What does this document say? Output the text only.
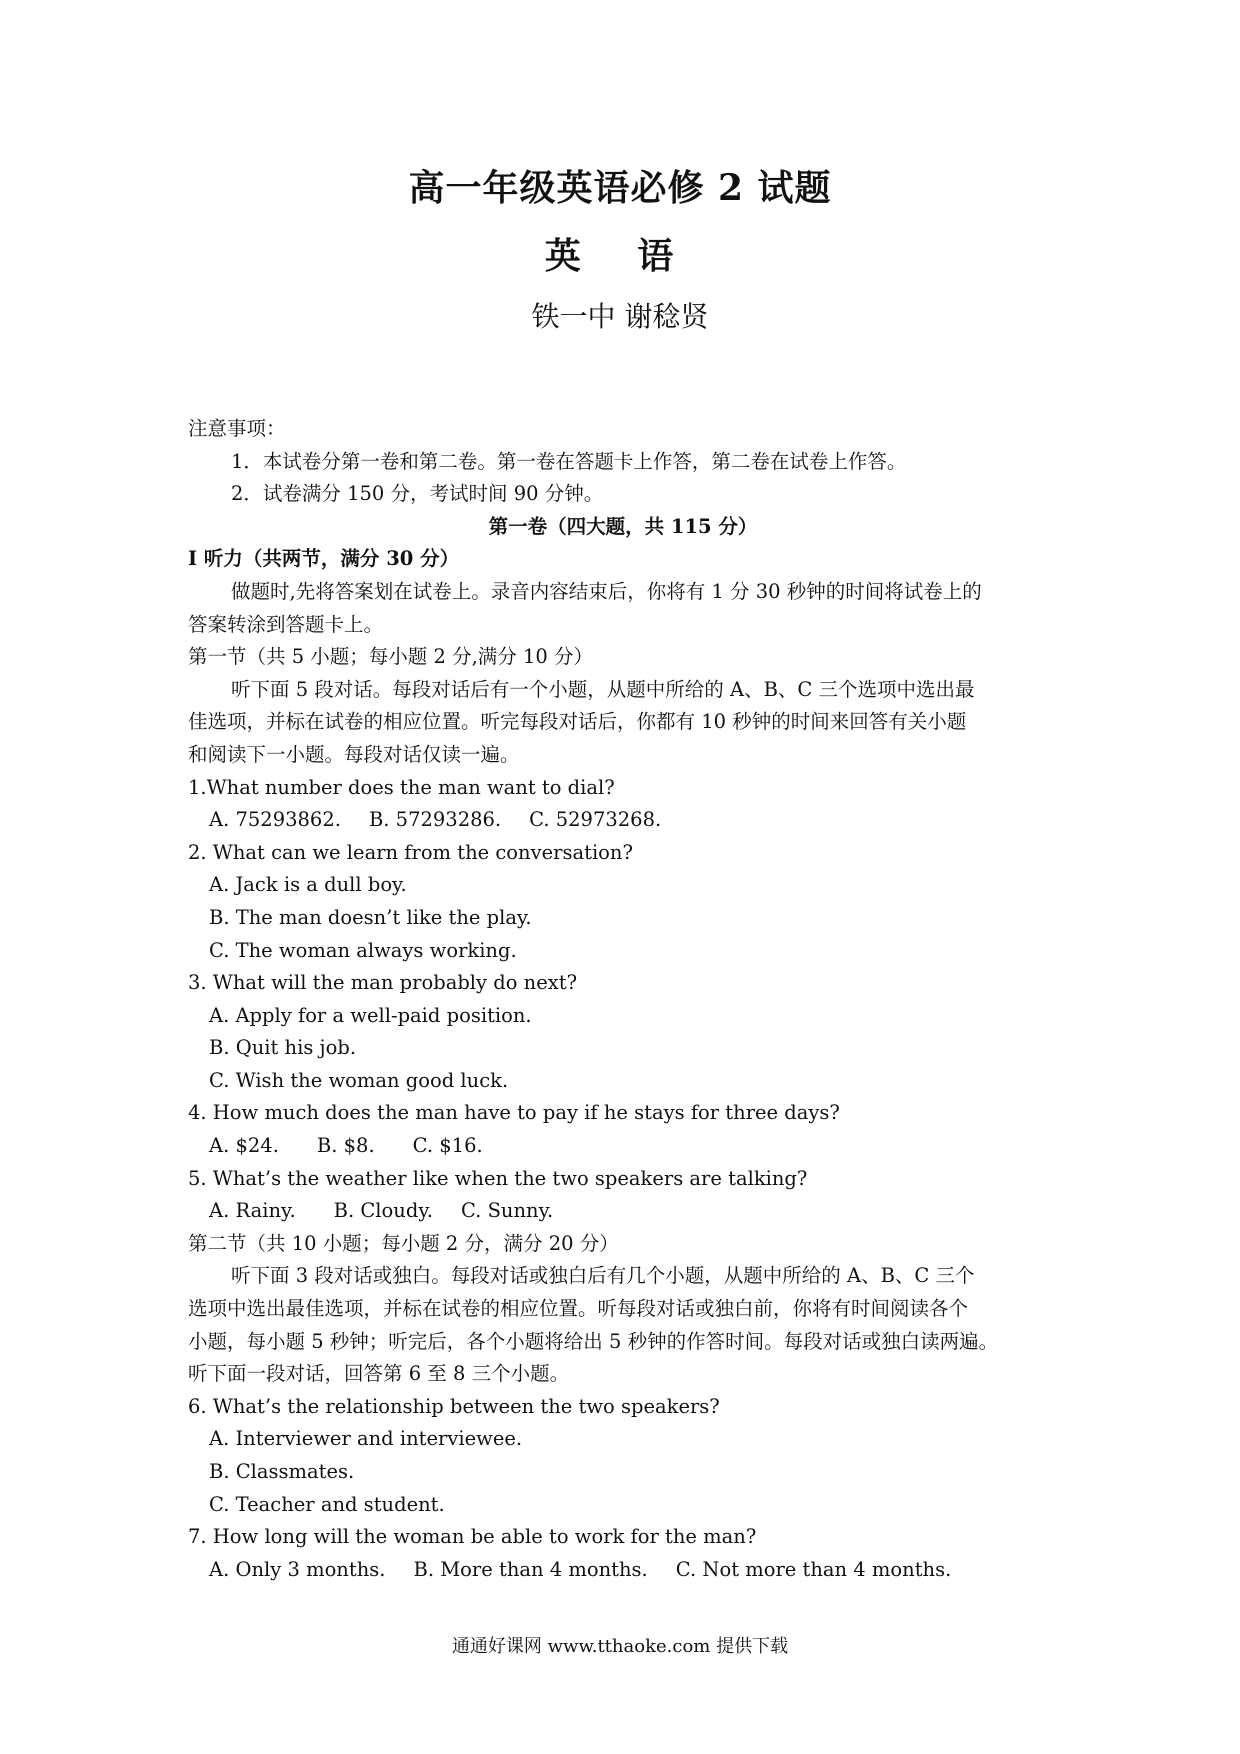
高一年级英语必修 2 试题
英 语
铁一中 谢稔贤
注意事项：
1．本试卷分第一卷和第二卷。第一卷在答题卡上作答，第二卷在试卷上作答。
2．试卷满分 150 分，考试时间 90 分钟。
第一卷（四大题，共 115 分）
I 听力（共两节，满分 30 分）
做题时,先将答案划在试卷上。录音内容结束后，你将有 1 分 30 秒钟的时间将试卷上的
答案转涂到答题卡上。
第一节（共 5 小题；每小题 2 分,满分 10 分）
听下面 5 段对话。每段对话后有一个小题，从题中所给的 A、B、C 三个选项中选出最
佳选项，并标在试卷的相应位置。听完每段对话后，你都有 10 秒钟的时间来回答有关小题
和阅读下一小题。每段对话仅读一遍。
1.What number does the man want to dial?
A. 75293862. B. 57293286. C. 52973268.
2. What can we learn from the conversation?
A. Jack is a dull boy.
B. The man doesn’t like the play.
C. The woman always working.
3. What will the man probably do next?
A. Apply for a well-paid position.
B. Quit his job.
C. Wish the woman good luck.
4. How much does the man have to pay if he stays for three days?
A. $24. B. $8. C. $16.
5. What’s the weather like when the two speakers are talking?
A. Rainy. B. Cloudy. C. Sunny.
第二节（共 10 小题；每小题 2 分，满分 20 分）
听下面 3 段对话或独白。每段对话或独白后有几个小题，从题中所给的 A、B、C 三个
选项中选出最佳选项，并标在试卷的相应位置。听每段对话或独白前，你将有时间阅读各个
小题，每小题 5 秒钟；听完后，各个小题将给出 5 秒钟的作答时间。每段对话或独白读两遍。
听下面一段对话，回答第 6 至 8 三个小题。
6. What’s the relationship between the two speakers?
A. Interviewer and interviewee.
B. Classmates.
C. Teacher and student.
7. How long will the woman be able to work for the man?
A. Only 3 months. B. More than 4 months. C. Not more than 4 months.
通通好课网 www.tthaoke.com 提供下载
